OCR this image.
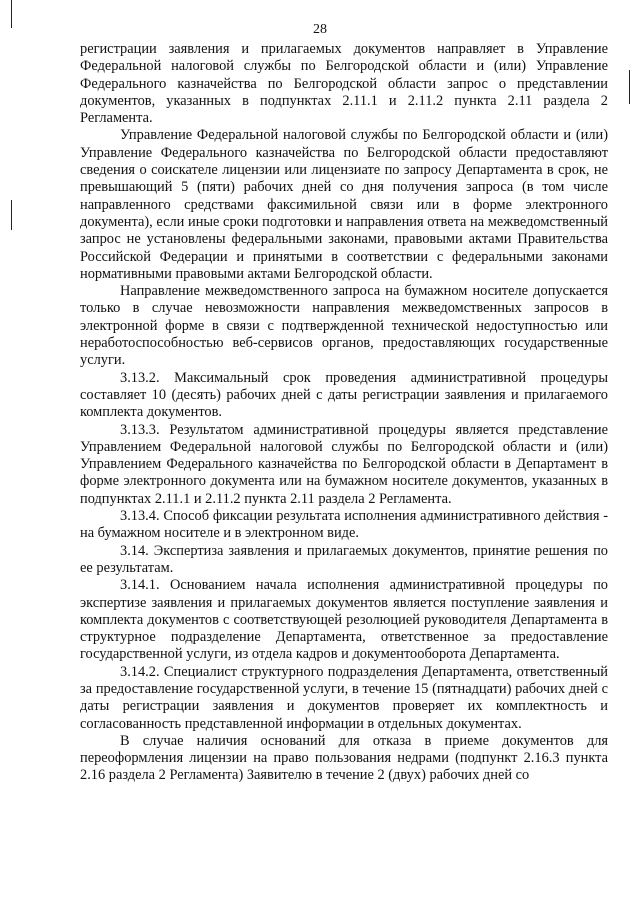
28

регистрации заявления и прилагаемых документов направляет в Управление Федеральной налоговой службы по Белгородской области и (или) Управление Федерального казначейства по Белгородской области запрос о представлении документов, указанных в подпунктах 2.11.1 и 2.11.2 пункта 2.11 раздела 2 Регламента.

Управление Федеральной налоговой службы по Белгородской области и (или) Управление Федерального казначейства по Белгородской области предоставляют сведения о соискателе лицензии или лицензиате по запросу Департамента в срок, не превышающий 5 (пяти) рабочих дней со дня получения запроса (в том числе направленного средствами факсимильной связи или в форме электронного документа), если иные сроки подготовки и направления ответа на межведомственный запрос не установлены федеральными законами, правовыми актами Правительства Российской Федерации и принятыми в соответствии с федеральными законами нормативными правовыми актами Белгородской области.

Направление межведомственного запроса на бумажном носителе допускается только в случае невозможности направления межведомственных запросов в электронной форме в связи с подтвержденной технической недоступностью или неработоспособностью веб-сервисов органов, предоставляющих государственные услуги.

3.13.2. Максимальный срок проведения административной процедуры составляет 10 (десять) рабочих дней с даты регистрации заявления и прилагаемого комплекта документов.

3.13.3. Результатом административной процедуры является представление Управлением Федеральной налоговой службы по Белгородской области и (или) Управлением Федерального казначейства по Белгородской области в Департамент в форме электронного документа или на бумажном носителе документов, указанных в подпунктах 2.11.1 и 2.11.2 пункта 2.11 раздела 2 Регламента.

3.13.4. Способ фиксации результата исполнения административного действия - на бумажном носителе и в электронном виде.

3.14. Экспертиза заявления и прилагаемых документов, принятие решения по ее результатам.

3.14.1. Основанием начала исполнения административной процедуры по экспертизе заявления и прилагаемых документов является поступление заявления и комплекта документов с соответствующей резолюцией руководителя Департамента в структурное подразделение Департамента, ответственное за предоставление государственной услуги, из отдела кадров и документооборота Департамента.

3.14.2. Специалист структурного подразделения Департамента, ответственный за предоставление государственной услуги, в течение 15 (пятнадцати) рабочих дней с даты регистрации заявления и документов проверяет их комплектность и согласованность представленной информации в отдельных документах.

В случае наличия оснований для отказа в приеме документов для переоформления лицензии на право пользования недрами (подпункт 2.16.3 пункта 2.16 раздела 2 Регламента) Заявителю в течение 2 (двух) рабочих дней со
